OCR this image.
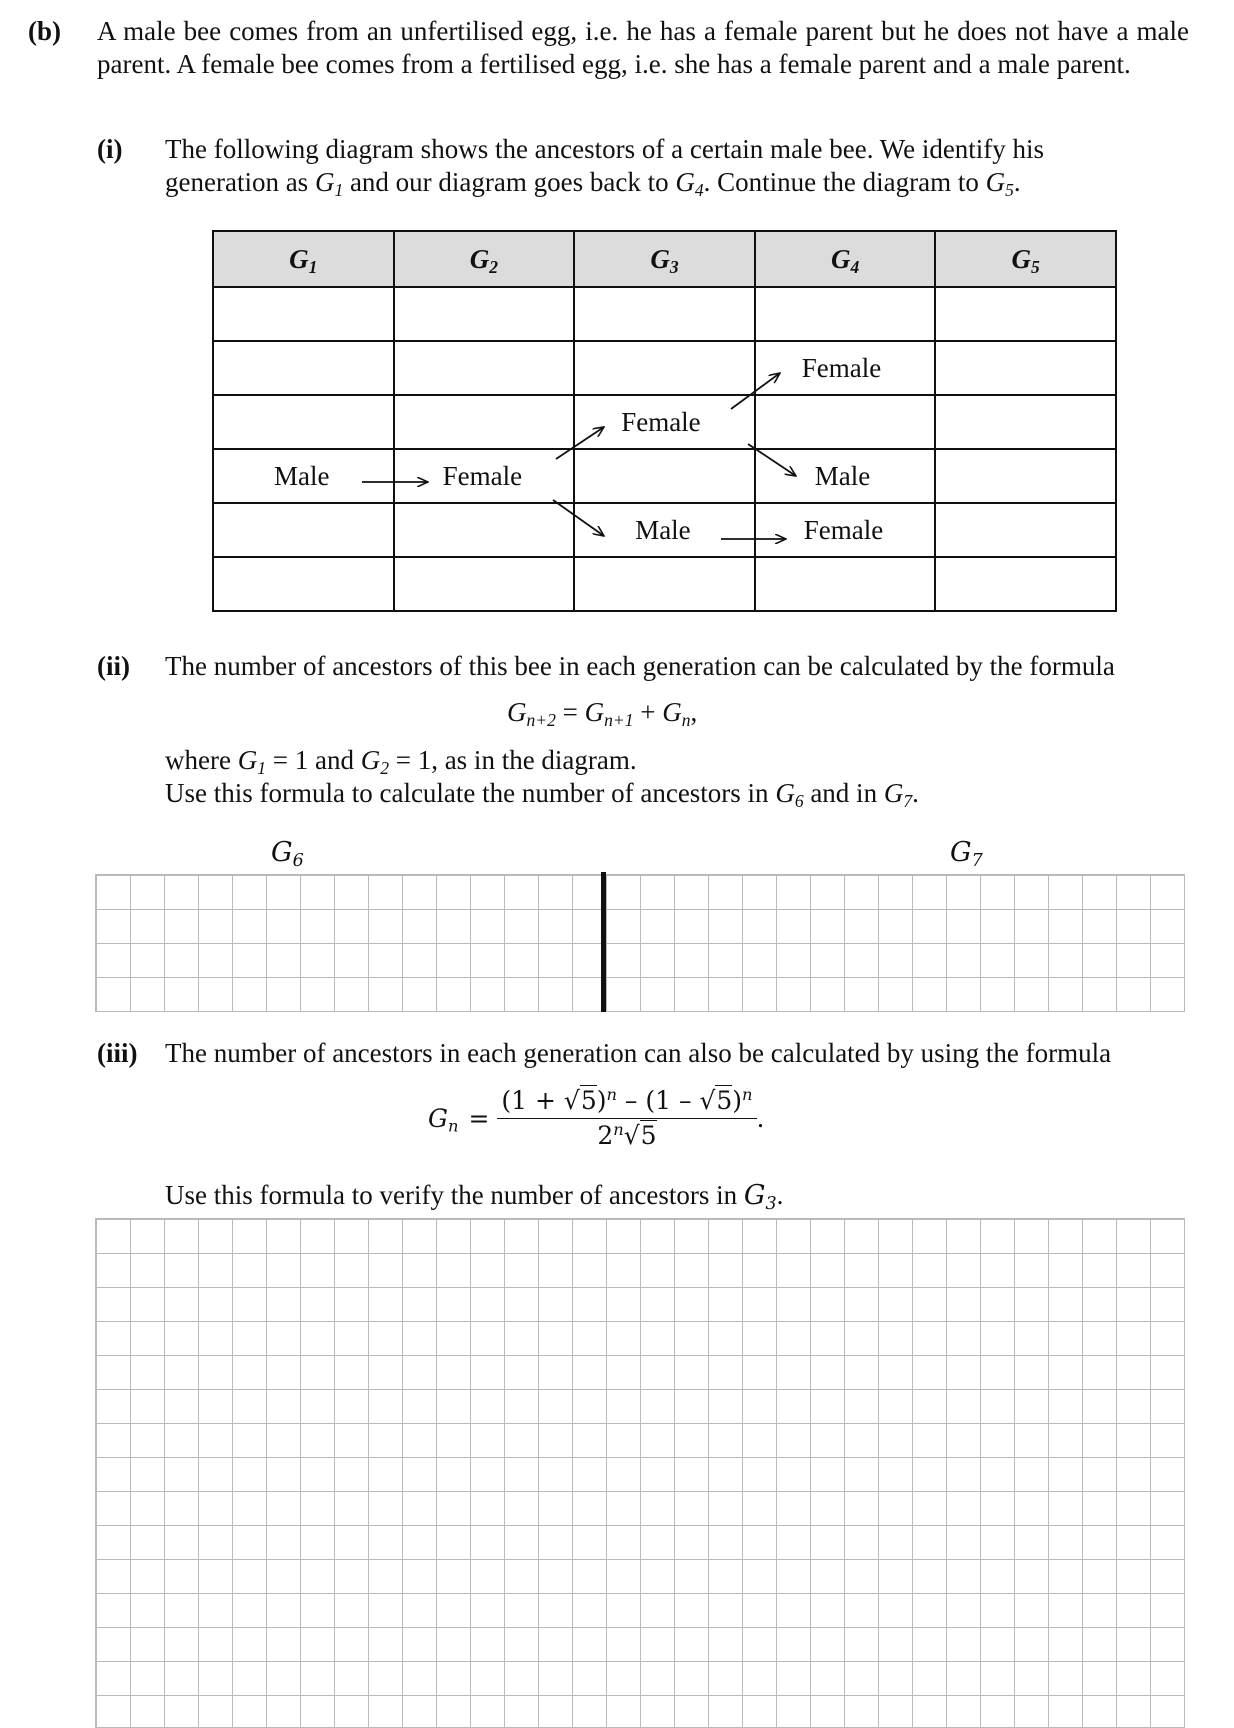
(b) A male bee comes from an unfertilised egg, i.e. he has a female parent but he does not have a male parent. A female bee comes from a fertilised egg, i.e. she has a female parent and a male parent.
(i) The following diagram shows the ancestors of a certain male bee. We identify his
generation as $G_1$ and our diagram goes back to $G_4$. Continue the diagram to $G_5$.
$G_1$	$G_2$	$G_3$	$G_4$	$G_5$

			Female	
		Female		
Male	Female		Male	
		Male	Female	

(ii) The number of ancestors of this bee in each generation can be calculated by the formula
$G_{n+2} = G_{n+1} + G_n$,
where $G_1 = 1$ and $G_2 = 1$, as in the diagram.
Use this formula to calculate the number of ancestors in $G_6$ and in $G_7$.
$G_6$	$G_7$
(iii) The number of ancestors in each generation can also be calculated by using the formula
$G_n = \frac{(1 + √5)^n - (1 - √5)^n}{2^n√5}$ .
Use this formula to verify the number of ancestors in $G_3$.
